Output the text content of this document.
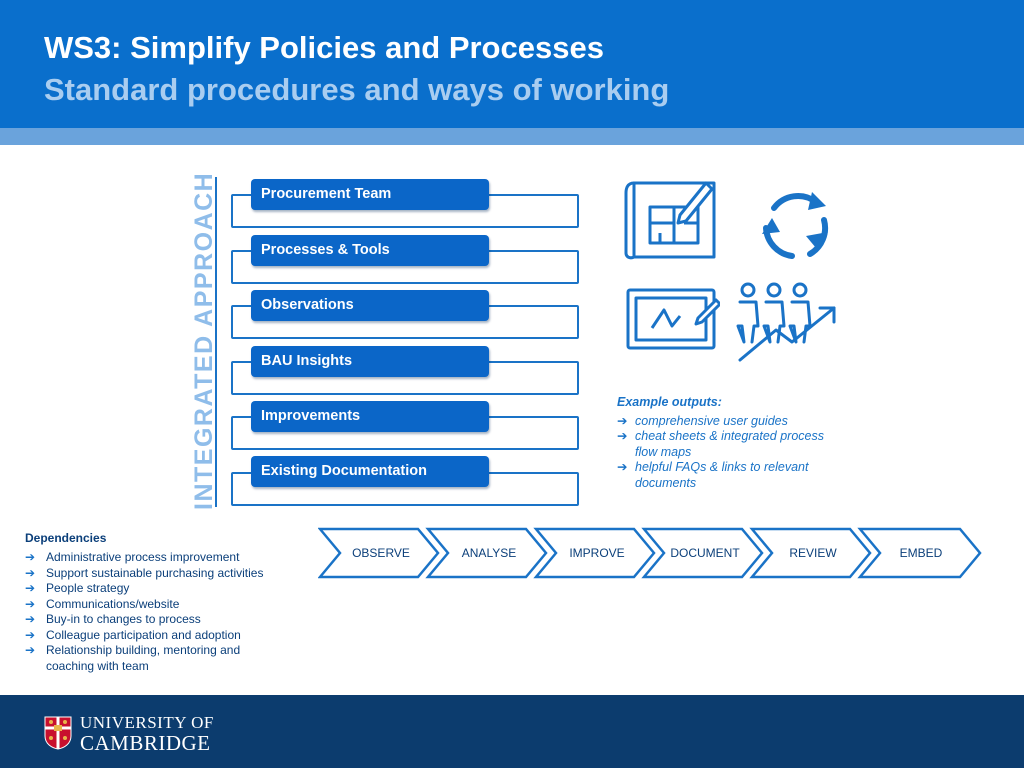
WS3: Simplify Policies and Processes
Standard procedures and ways of working
INTEGRATED APPROACH	Procurement Team
Processes & Tools
Observations
BAU Insights
Improvements
Existing Documentation
Example outputs:
➔ comprehensive user guides
➔ cheat sheets & integrated process flow maps
➔ helpful FAQs & links to relevant documents
Dependencies
➔ Administrative process improvement
➔ Support sustainable purchasing activities
➔ People strategy
➔ Communications/website
➔ Buy-in to changes to process
➔ Colleague participation and adoption
➔ Relationship building, mentoring and coaching with team
OBSERVE	ANALYSE	IMPROVE	DOCUMENT	REVIEW	EMBED
UNIVERSITY OF
CAMBRIDGE
